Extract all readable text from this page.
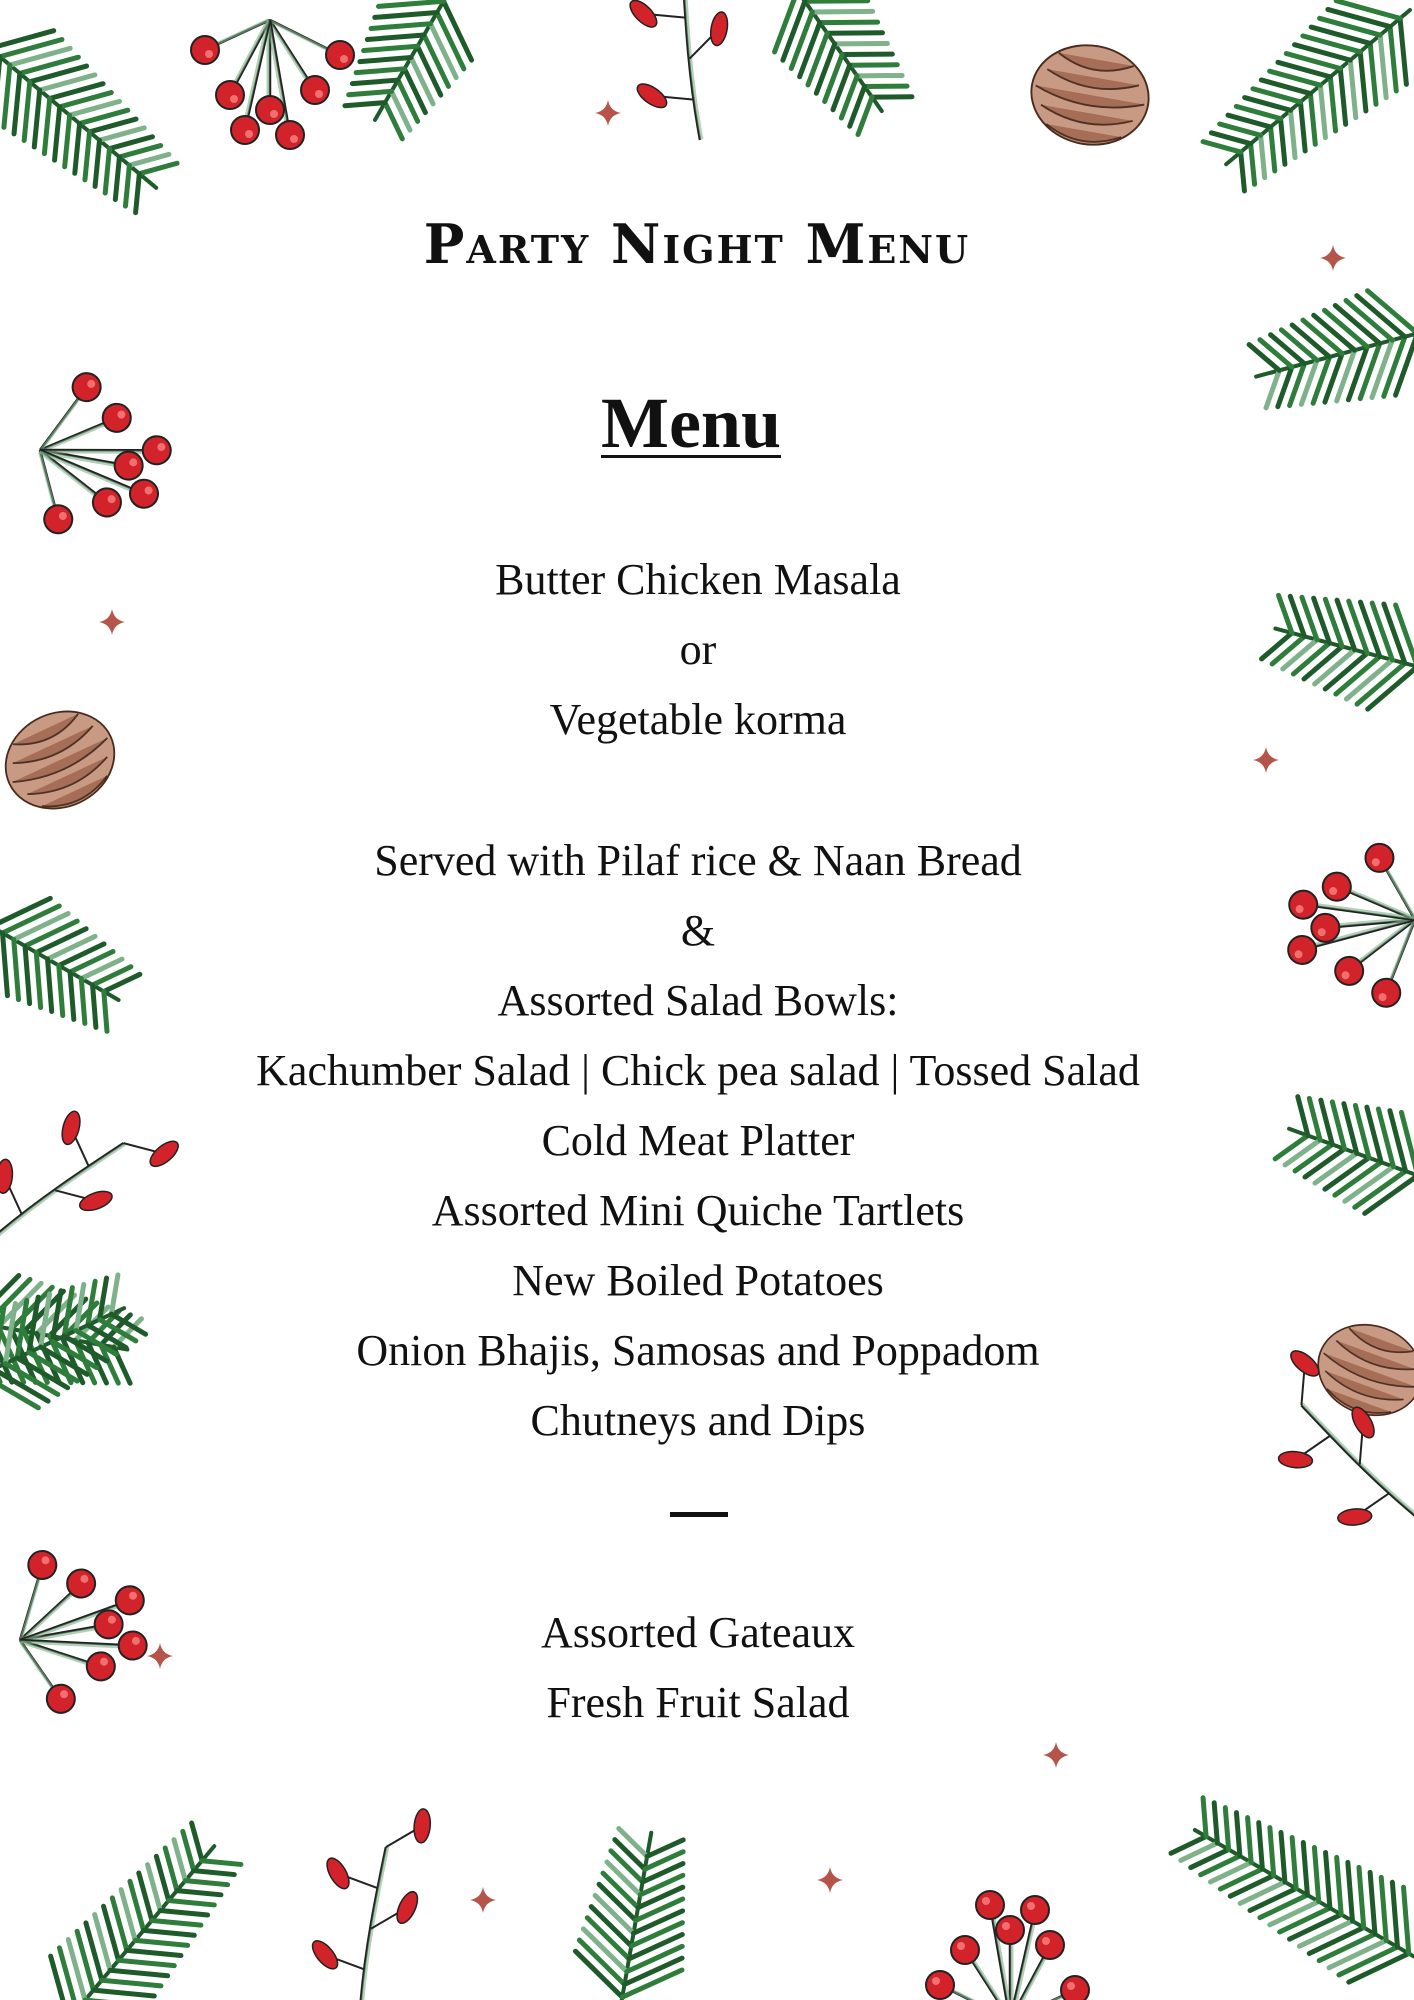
Party Night Menu
Menu
Butter Chicken Masala
or
Vegetable korma
Served with Pilaf rice & Naan Bread
&
Assorted Salad Bowls:
Kachumber Salad | Chick pea salad | Tossed Salad
Cold Meat Platter
Assorted Mini Quiche Tartlets
New Boiled Potatoes
Onion Bhajis, Samosas and Poppadom
Chutneys and Dips
Assorted Gateaux
Fresh Fruit Salad
